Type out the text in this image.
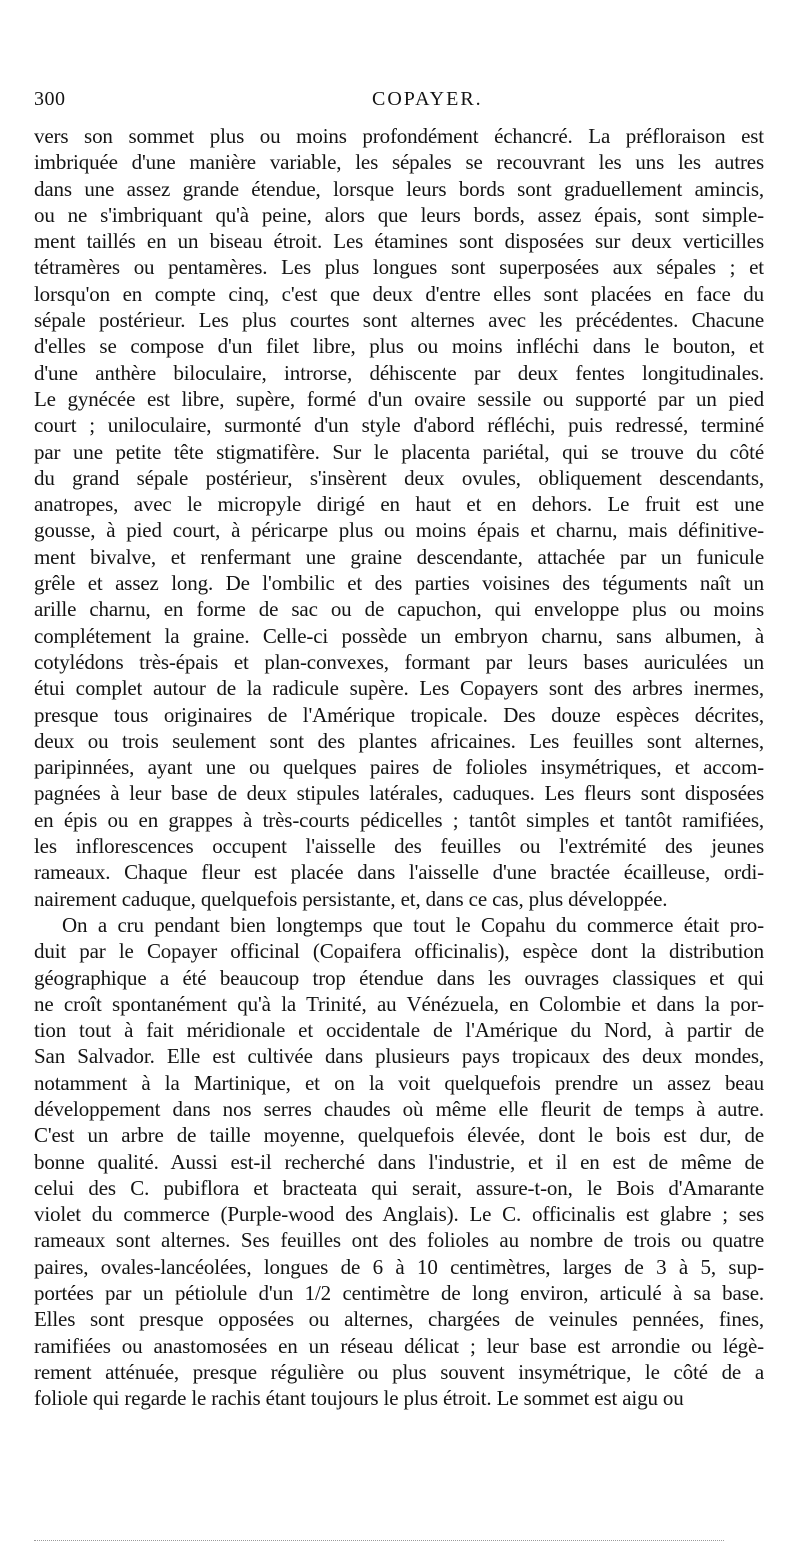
300	COPAYER.
vers son sommet plus ou moins profondément échancré. La préfloraison est
imbriquée d'une manière variable, les sépales se recouvrant les uns les autres
dans une assez grande étendue, lorsque leurs bords sont graduellement amincis,
ou ne s'imbriquant qu'à peine, alors que leurs bords, assez épais, sont simple-
ment taillés en un biseau étroit. Les étamines sont disposées sur deux verticilles
tétramères ou pentamères. Les plus longues sont superposées aux sépales ; et
lorsqu'on en compte cinq, c'est que deux d'entre elles sont placées en face du
sépale postérieur. Les plus courtes sont alternes avec les précédentes. Chacune
d'elles se compose d'un filet libre, plus ou moins infléchi dans le bouton, et
d'une anthère biloculaire, introrse, déhiscente par deux fentes longitudinales.
Le gynécée est libre, supère, formé d'un ovaire sessile ou supporté par un pied
court ; uniloculaire, surmonté d'un style d'abord réfléchi, puis redressé, terminé
par une petite tête stigmatifère. Sur le placenta pariétal, qui se trouve du côté
du grand sépale postérieur, s'insèrent deux ovules, obliquement descendants,
anatropes, avec le micropyle dirigé en haut et en dehors. Le fruit est une
gousse, à pied court, à péricarpe plus ou moins épais et charnu, mais définitive-
ment bivalve, et renfermant une graine descendante, attachée par un funicule
grêle et assez long. De l'ombilic et des parties voisines des téguments naît un
arille charnu, en forme de sac ou de capuchon, qui enveloppe plus ou moins
complétement la graine. Celle-ci possède un embryon charnu, sans albumen, à
cotylédons très-épais et plan-convexes, formant par leurs bases auriculées un
étui complet autour de la radicule supère. Les Copayers sont des arbres inermes,
presque tous originaires de l'Amérique tropicale. Des douze espèces décrites,
deux ou trois seulement sont des plantes africaines. Les feuilles sont alternes,
paripinnées, ayant une ou quelques paires de folioles insymétriques, et accom-
pagnées à leur base de deux stipules latérales, caduques. Les fleurs sont disposées
en épis ou en grappes à très-courts pédicelles ; tantôt simples et tantôt ramifiées,
les inflorescences occupent l'aisselle des feuilles ou l'extrémité des jeunes
rameaux. Chaque fleur est placée dans l'aisselle d'une bractée écailleuse, ordi-
nairement caduque, quelquefois persistante, et, dans ce cas, plus développée.
On a cru pendant bien longtemps que tout le Copahu du commerce était pro-
duit par le Copayer officinal (Copaifera officinalis), espèce dont la distribution
géographique a été beaucoup trop étendue dans les ouvrages classiques et qui
ne croît spontanément qu'à la Trinité, au Vénézuela, en Colombie et dans la por-
tion tout à fait méridionale et occidentale de l'Amérique du Nord, à partir de
San Salvador. Elle est cultivée dans plusieurs pays tropicaux des deux mondes,
notamment à la Martinique, et on la voit quelquefois prendre un assez beau
développement dans nos serres chaudes où même elle fleurit de temps à autre.
C'est un arbre de taille moyenne, quelquefois élevée, dont le bois est dur, de
bonne qualité. Aussi est-il recherché dans l'industrie, et il en est de même de
celui des C. pubiflora et bracteata qui serait, assure-t-on, le Bois d'Amarante
violet du commerce (Purple-wood des Anglais). Le C. officinalis est glabre ; ses
rameaux sont alternes. Ses feuilles ont des folioles au nombre de trois ou quatre
paires, ovales-lancéolées, longues de 6 à 10 centimètres, larges de 3 à 5, sup-
portées par un pétiolule d'un 1/2 centimètre de long environ, articulé à sa base.
Elles sont presque opposées ou alternes, chargées de veinules pennées, fines,
ramifiées ou anastomosées en un réseau délicat ; leur base est arrondie ou légè-
rement atténuée, presque régulière ou plus souvent insymétrique, le côté de a
foliole qui regarde le rachis étant toujours le plus étroit. Le sommet est aigu ou
